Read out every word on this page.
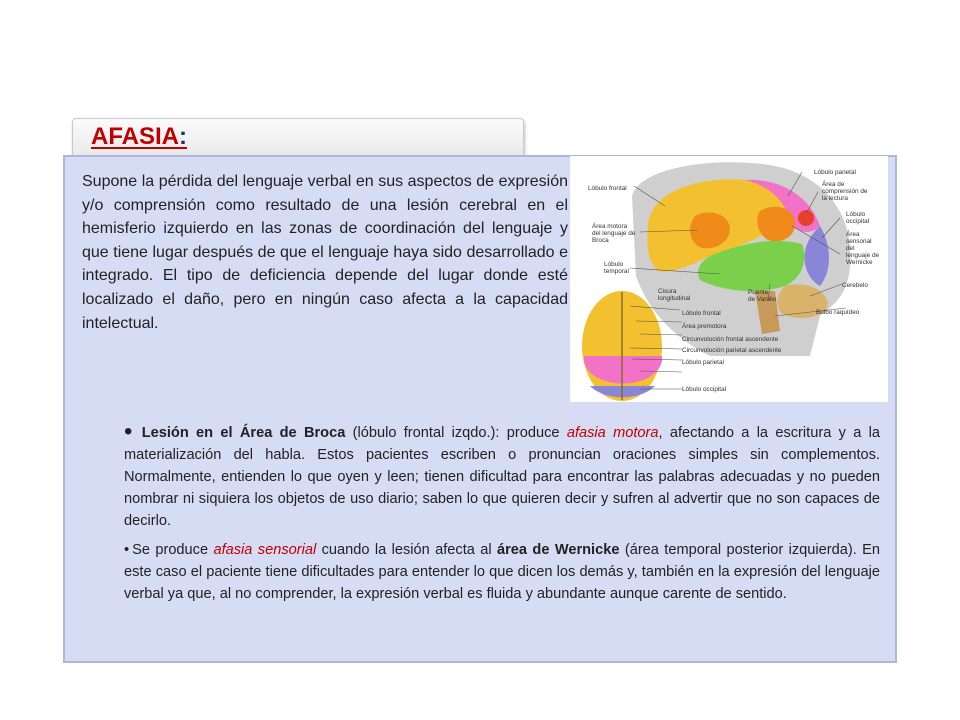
AFASIA:
Supone la pérdida del lenguaje verbal en sus aspectos de expresión y/o comprensión como resultado de una lesión cerebral en el hemisferio izquierdo en las zonas de coordinación del lenguaje y que tiene lugar después de que el lenguaje haya sido desarrollado e integrado. El tipo de deficiencia depende del lugar donde esté localizado el daño, pero en ningún caso afecta a la capacidad intelectual.
Lóbulo frontal
Lóbulo parietal
Área de
comprensión de
la lectura
Área motora
del lenguaje de
Broca
Lóbulo
occipital
Área
sensorial
del
lenguaje de
Wernicke
Lóbulo
temporal
Puente
de Varolio
Cerebelo
Bulbo raquídeo
Cisura
longitudinal
Lóbulo frontal
Área premotora
Circunvolución frontal ascendente
Circunvolución parietal ascendente
Lóbulo parietal
Lóbulo occipital

• Lesión en el Área de Broca (lóbulo frontal izqdo.): produce afasia motora, afectando a la escritura y a la materialización del habla. Estos pacientes escriben o pronuncian oraciones simples sin complementos. Normalmente, entienden lo que oyen y leen; tienen dificultad para encontrar las palabras adecuadas y no pueden nombrar ni siquiera los objetos de uso diario; saben lo que quieren decir y sufren al advertir que no son capaces de decirlo.

• Se produce afasia sensorial cuando la lesión afecta al área de Wernicke (área temporal posterior izquierda). En este caso el paciente tiene dificultades para entender lo que dicen los demás y, también en la expresión del lenguaje verbal ya que, al no comprender, la expresión verbal es fluida y abundante aunque carente de sentido.
